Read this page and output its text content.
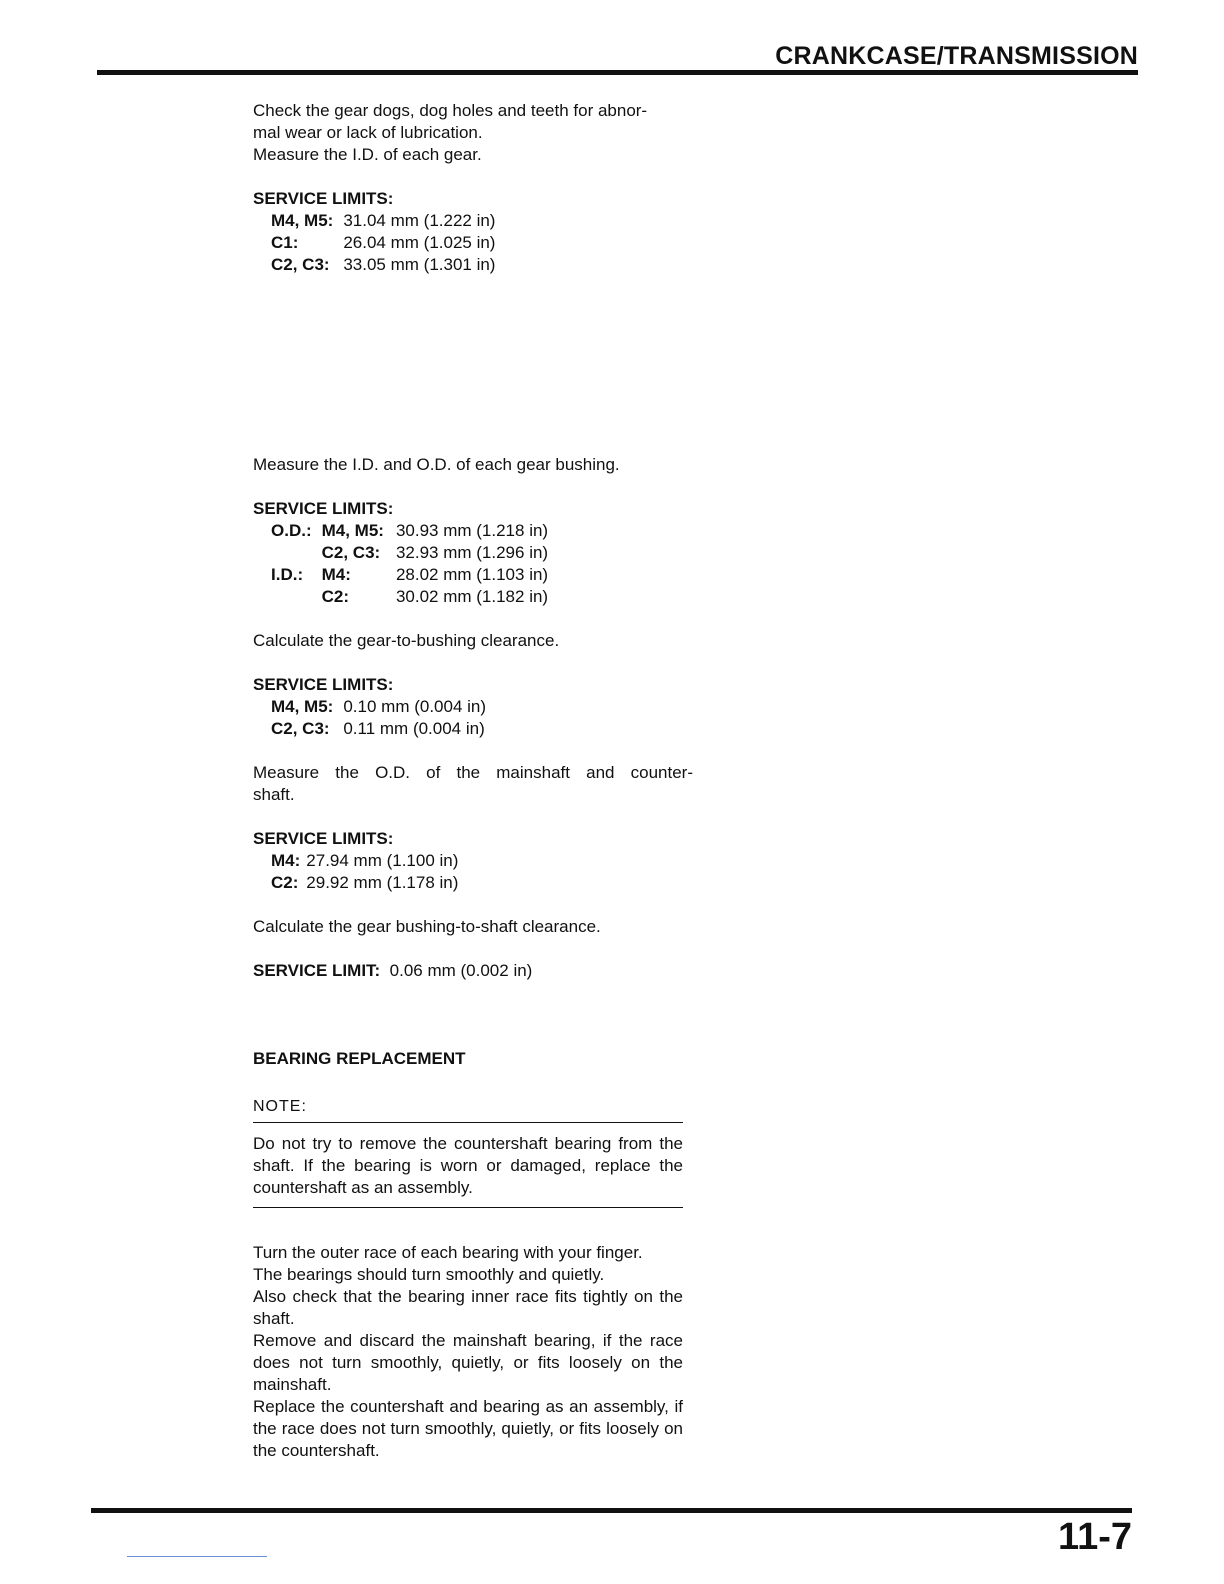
CRANKCASE/TRANSMISSION

Check the gear dogs, dog holes and teeth for abnor-

mal wear or lack of lubrication.

Measure the I.D. of each gear.

SERVICE LIMITS:

M4, M5:	31.04 mm (1.222 in)
C1:	26.04 mm (1.025 in)
C2, C3:	33.05 mm (1.301 in)

Measure the I.D. and O.D. of each gear bushing.

SERVICE LIMITS:

O.D.:	M4, M5:	30.93 mm (1.218 in)
	C2, C3:	32.93 mm (1.296 in)
I.D.:	M4:	28.02 mm (1.103 in)
	C2:	30.02 mm (1.182 in)

Calculate the gear-to-bushing clearance.

SERVICE LIMITS:

M4, M5:	0.10 mm (0.004 in)
C2, C3:	0.11 mm (0.004 in)

Measure the O.D. of the mainshaft and counter-

shaft.

SERVICE LIMITS:

M4:	27.94 mm (1.100 in)
C2:	29.92 mm (1.178 in)

Calculate the gear bushing-to-shaft clearance.

SERVICE LIMIT: 0.06 mm (0.002 in)

BEARING REPLACEMENT

NOTE:

Do not try to remove the countershaft bearing from the shaft. If the bearing is worn or damaged, replace the countershaft as an assembly.

Turn the outer race of each bearing with your finger.

The bearings should turn smoothly and quietly.

Also check that the bearing inner race fits tightly on the shaft.

Remove and discard the mainshaft bearing, if the race does not turn smoothly, quietly, or fits loosely on the mainshaft.

Replace the countershaft and bearing as an assembly, if the race does not turn smoothly, quietly, or fits loosely on the countershaft.

11-7
